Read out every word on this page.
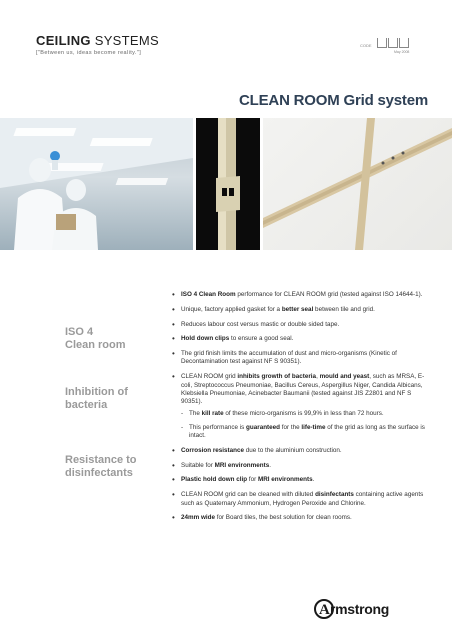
CEILING SYSTEMS
["Between us, ideas become reality."]
CODE
May 2008
CLEAN ROOM Grid system
ISO 4
Clean room
Inhibition of
bacteria
Resistance to
disinfectants
• ISO 4 Clean Room performance for CLEAN ROOM grid (tested against ISO 14644-1).
• Unique, factory applied gasket for a better seal between tile and grid.
• Reduces labour cost versus mastic or double sided tape.
• Hold down clips to ensure a good seal.
• The grid finish limits the accumulation of dust and micro-organisms (Kinetic of Decontamination test against NF S 90351).
• CLEAN ROOM grid inhibits growth of bacteria, mould and yeast, such as MRSA, E-coli, Streptococcus Pneumoniae, Bacillus Cereus, Aspergillus Niger, Candida Albicans, Klebsiella Pneumoniae, Acinebacter Baumanii (tested against JIS Z2801 and NF S 90351).
- The kill rate of these micro-organisms is 99,9% in less than 72 hours.
- This performance is guaranteed for the life-time of the grid as long as the surface is intact.
• Corrosion resistance due to the aluminium construction.
• Suitable for MRI environments.
• Plastic hold down clip for MRI environments.
• CLEAN ROOM grid can be cleaned with diluted disinfectants containing active agents such as Quaternary Ammonium, Hydrogen Peroxide and Chlorine.
• 24mm wide for Board tiles, the best solution for clean rooms.
A rmstrong
